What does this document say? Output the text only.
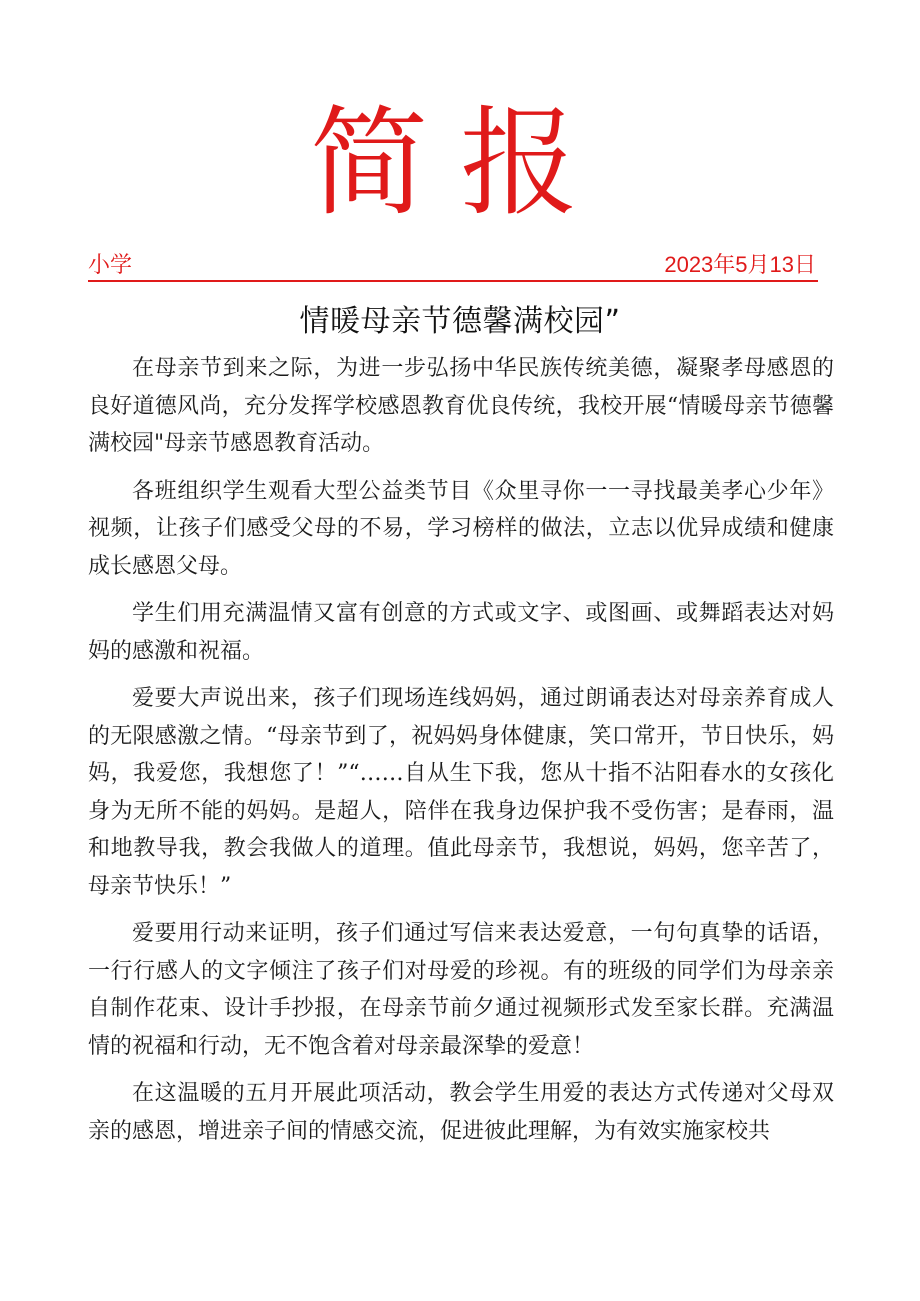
简报
小学	2023年5月13日
情暖母亲节德馨满校园”

在母亲节到来之际，为进一步弘扬中华民族传统美德，凝聚孝母感恩的良好道德风尚，充分发挥学校感恩教育优良传统，我校开展“情暖母亲节德馨满校园"母亲节感恩教育活动。

各班组织学生观看大型公益类节目《众里寻你一一寻找最美孝心少年》视频，让孩子们感受父母的不易，学习榜样的做法，立志以优异成绩和健康成长感恩父母。

学生们用充满温情又富有创意的方式或文字、或图画、或舞蹈表达对妈妈的感激和祝福。

爱要大声说出来，孩子们现场连线妈妈，通过朗诵表达对母亲养育成人的无限感激之情。“母亲节到了，祝妈妈身体健康，笑口常开，节日快乐，妈妈，我爱您，我想您了！”“……自从生下我，您从十指不沾阳春水的女孩化身为无所不能的妈妈。是超人，陪伴在我身边保护我不受伤害；是春雨，温和地教导我，教会我做人的道理。值此母亲节，我想说，妈妈，您辛苦了，母亲节快乐！”

爱要用行动来证明，孩子们通过写信来表达爱意，一句句真挚的话语，一行行感人的文字倾注了孩子们对母爱的珍视。有的班级的同学们为母亲亲自制作花束、设计手抄报，在母亲节前夕通过视频形式发至家长群。充满温情的祝福和行动，无不饱含着对母亲最深挚的爱意！

在这温暖的五月开展此项活动，教会学生用爱的表达方式传递对父母双亲的感恩，增进亲子间的情感交流，促进彼此理解，为有效实施家校共
